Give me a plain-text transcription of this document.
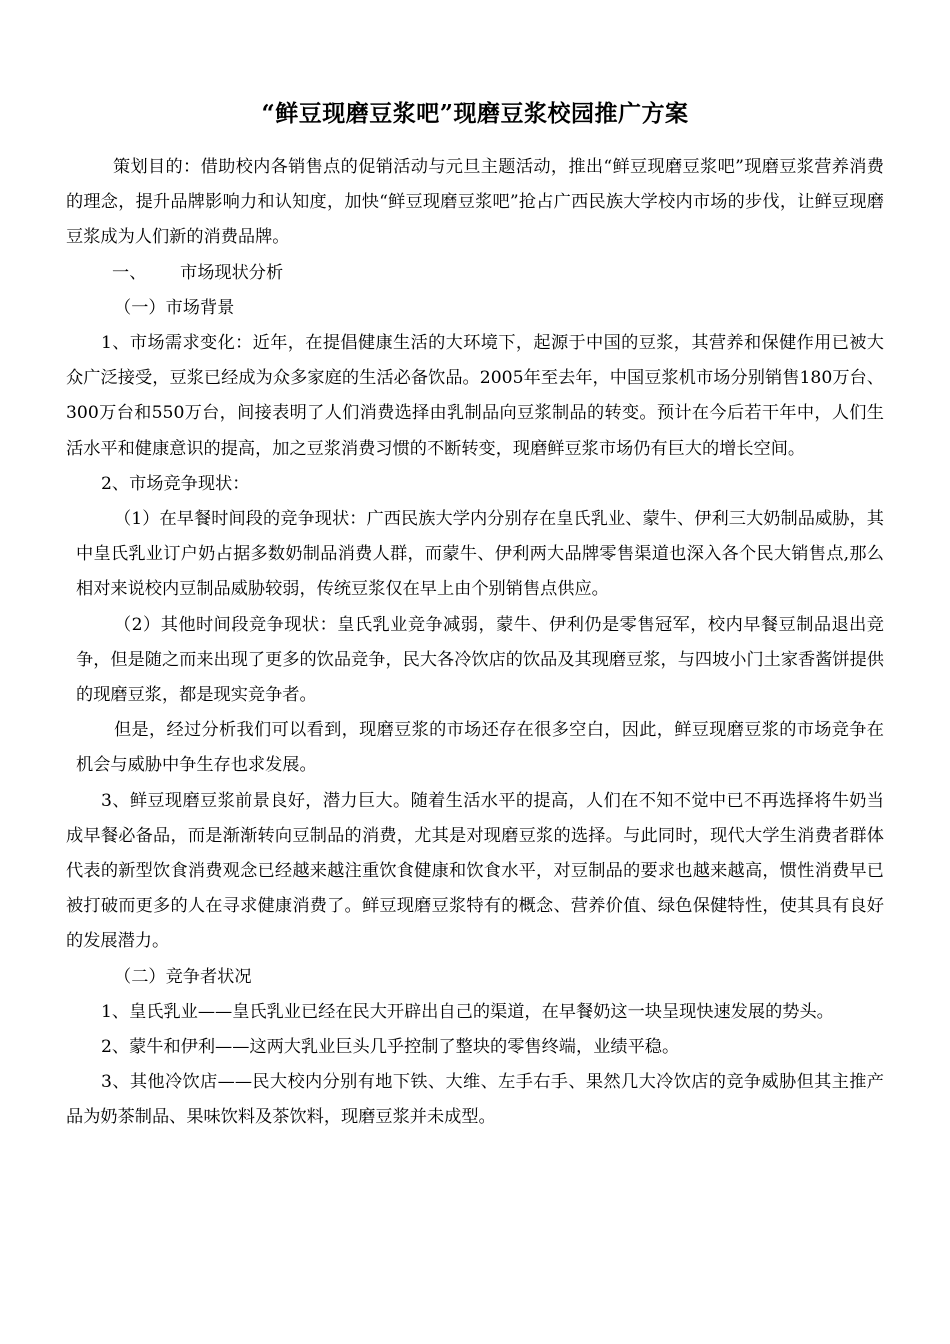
“鲜豆现磨豆浆吧”现磨豆浆校园推广方案

策划目的：借助校内各销售点的促销活动与元旦主题活动，推出“鲜豆现磨豆浆吧”现磨豆浆营养消费的理念，提升品牌影响力和认知度，加快“鲜豆现磨豆浆吧”抢占广西民族大学校内市场的步伐，让鲜豆现磨豆浆成为人们新的消费品牌。

一、 市场现状分析

（一）市场背景

1、市场需求变化：近年，在提倡健康生活的大环境下，起源于中国的豆浆，其营养和保健作用已被大众广泛接受，豆浆已经成为众多家庭的生活必备饮品。2005年至去年，中国豆浆机市场分别销售180万台、300万台和550万台，间接表明了人们消费选择由乳制品向豆浆制品的转变。预计在今后若干年中，人们生活水平和健康意识的提高，加之豆浆消费习惯的不断转变，现磨鲜豆浆市场仍有巨大的增长空间。

2、市场竞争现状：

（1）在早餐时间段的竞争现状：广西民族大学内分别存在皇氏乳业、蒙牛、伊利三大奶制品威胁，其中皇氏乳业订户奶占据多数奶制品消费人群，而蒙牛、伊利两大品牌零售渠道也深入各个民大销售点,那么相对来说校内豆制品威胁较弱，传统豆浆仅在早上由个别销售点供应。

（2）其他时间段竞争现状：皇氏乳业竞争减弱，蒙牛、伊利仍是零售冠军，校内早餐豆制品退出竞争，但是随之而来出现了更多的饮品竞争，民大各冷饮店的饮品及其现磨豆浆，与四坡小门土家香酱饼提供的现磨豆浆，都是现实竞争者。

但是，经过分析我们可以看到，现磨豆浆的市场还存在很多空白，因此，鲜豆现磨豆浆的市场竞争在机会与威胁中争生存也求发展。

3、鲜豆现磨豆浆前景良好，潜力巨大。随着生活水平的提高，人们在不知不觉中已不再选择将牛奶当成早餐必备品，而是渐渐转向豆制品的消费，尤其是对现磨豆浆的选择。与此同时，现代大学生消费者群体代表的新型饮食消费观念已经越来越注重饮食健康和饮食水平，对豆制品的要求也越来越高，惯性消费早已被打破而更多的人在寻求健康消费了。鲜豆现磨豆浆特有的概念、营养价值、绿色保健特性，使其具有良好的发展潜力。

（二）竞争者状况

1、皇氏乳业——皇氏乳业已经在民大开辟出自己的渠道，在早餐奶这一块呈现快速发展的势头。

2、蒙牛和伊利——这两大乳业巨头几乎控制了整块的零售终端，业绩平稳。

3、其他冷饮店——民大校内分别有地下铁、大维、左手右手、果然几大冷饮店的竞争威胁但其主推产品为奶茶制品、果味饮料及茶饮料，现磨豆浆并未成型。
